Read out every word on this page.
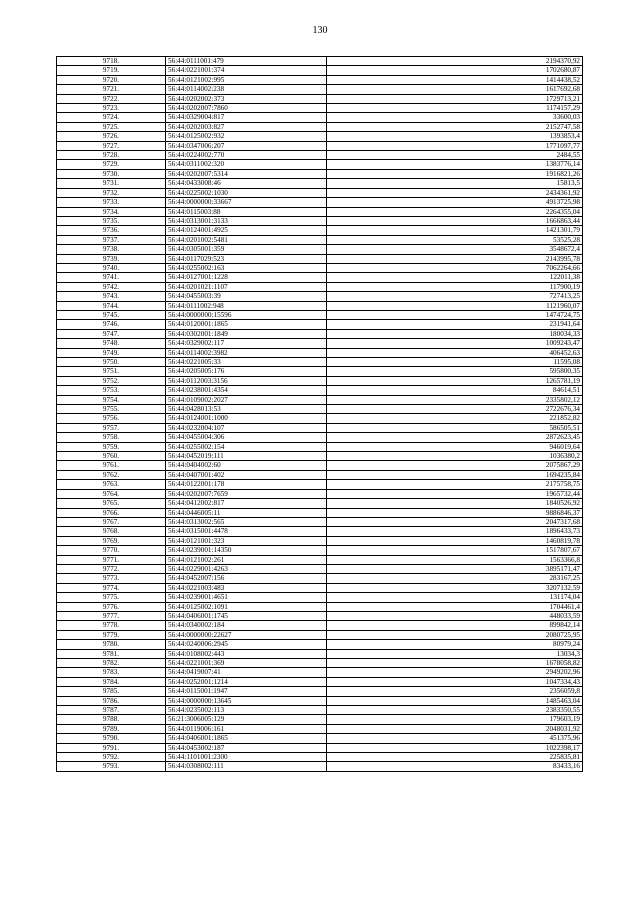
130
9718.	56:44:0111001:479	2194370,92
9719.	56:44:0221001:374	1702680,87
9720.	56:44:0121002:995	1414438,52
9721.	56:44:0114002:238	1617692,68
9722.	56:44:0202002:373	1729713,21
9723.	56:44:0202007:7860	1174157,29
9724.	56:44:0329004:817	33600,03
9725.	56:44:0202003:827	2152747,58
9726.	56:44:0125002:932	1393853,4
9727.	56:44:0347006:207	1771097,77
9728.	56:44:0224002:770	2484,55
9729.	56:44:0311002:320	1383776,14
9730.	56:44:0202007:5314	1916821,26
9731.	56:44:0433008:46	15813,5
9732.	56:44:0225002:1030	2434361,92
9733.	56:44:0000000:33667	4913725,98
9734.	56:44:0115003:88	2264355,04
9735.	56:44:0313001:3133	1666863,44
9736.	56:44:0124001:4925	1421301,79
9737.	56:44:0201002:5481	53525,28
9738.	56:44:0305001:359	3548672,4
9739.	56:44:0117029:523	2143995,78
9740.	56:44:0255002:163	7062264,66
9741.	56:44:0127001:1228	122011,38
9742.	56:44:0201021:1107	117900,19
9743.	56:44:0455003:39	727413,25
9744.	56:44:0111002:948	1121960,07
9745.	56:44:0000000:15596	1474724,75
9746.	56:44:0120001:1865	231941,64
9747.	56:44:0302001:1849	180034,33
9748.	56:44:0329002:117	1009243,47
9749.	56:44:0114002:3982	406452,63
9750.	56:44:0221005:33	11595,08
9751.	56:44:0205005:176	595800,35
9752.	56:44:0112003:3156	1265781,19
9753.	56:44:0238001:4354	84614,51
9754.	56:44:0109002:2027	2335802,12
9755.	56:44:0428013:53	2722676,34
9756.	56:44:0124001:1000	221852,82
9757.	56:44:0232004:107	586505,51
9758.	56:44:0455004:306	2872623,45
9759.	56:44:0255002:154	946019,64
9760.	56:44:0452019:111	1036380,2
9761.	56:44:0404002:60	2075867,29
9762.	56:44:0407001:402	1694235,84
9763.	56:44:0122001:178	2175758,75
9764.	56:44:0202007:7659	1965732,44
9765.	56:44:0412002:817	1840526,92
9766.	56:44:0446005:11	9886846,37
9767.	56:44:0313002:565	2047317,68
9768.	56:44:0315001:4478	1896433,73
9769.	56:44:0121001:323	1460819,78
9770.	56:44:0239001:14350	1517807,67
9771.	56:44:0121002:261	1563366,8
9772.	56:44:0229001:4263	3895171,47
9773.	56:44:0452007:156	283167,25
9774.	56:44:0221003:483	3207132,59
9775.	56:44:0239001:4651	131174,04
9776.	56:44:0125002:1091	1704461,4
9777.	56:44:0406001:1745	448033,59
9778.	56:44:0340002:184	899842,14
9779.	56:44:0000000:22627	2080725,95
9780.	56:44:0240006:2945	80979,24
9781.	56:44:0108002:443	13034,3
9782.	56:44:0221001:369	1678058,82
9783.	56:44:0419007:41	2949202,96
9784.	56:44:0252001:1214	1047334,43
9785.	56:44:0115001:1947	2356059,8
9786.	56:44:0000000:13645	1485463,04
9787.	56:44:0235002:113	2383350,55
9788.	56:21:3006005:129	179603,19
9789.	56:44:0119006:161	2048031,92
9790.	56:44:0406001:1865	451375,96
9791.	56:44:0453002:187	1022398,17
9792.	56:44:1101001:2300	225835,81
9793.	56:44:0308002:111	83433,16
